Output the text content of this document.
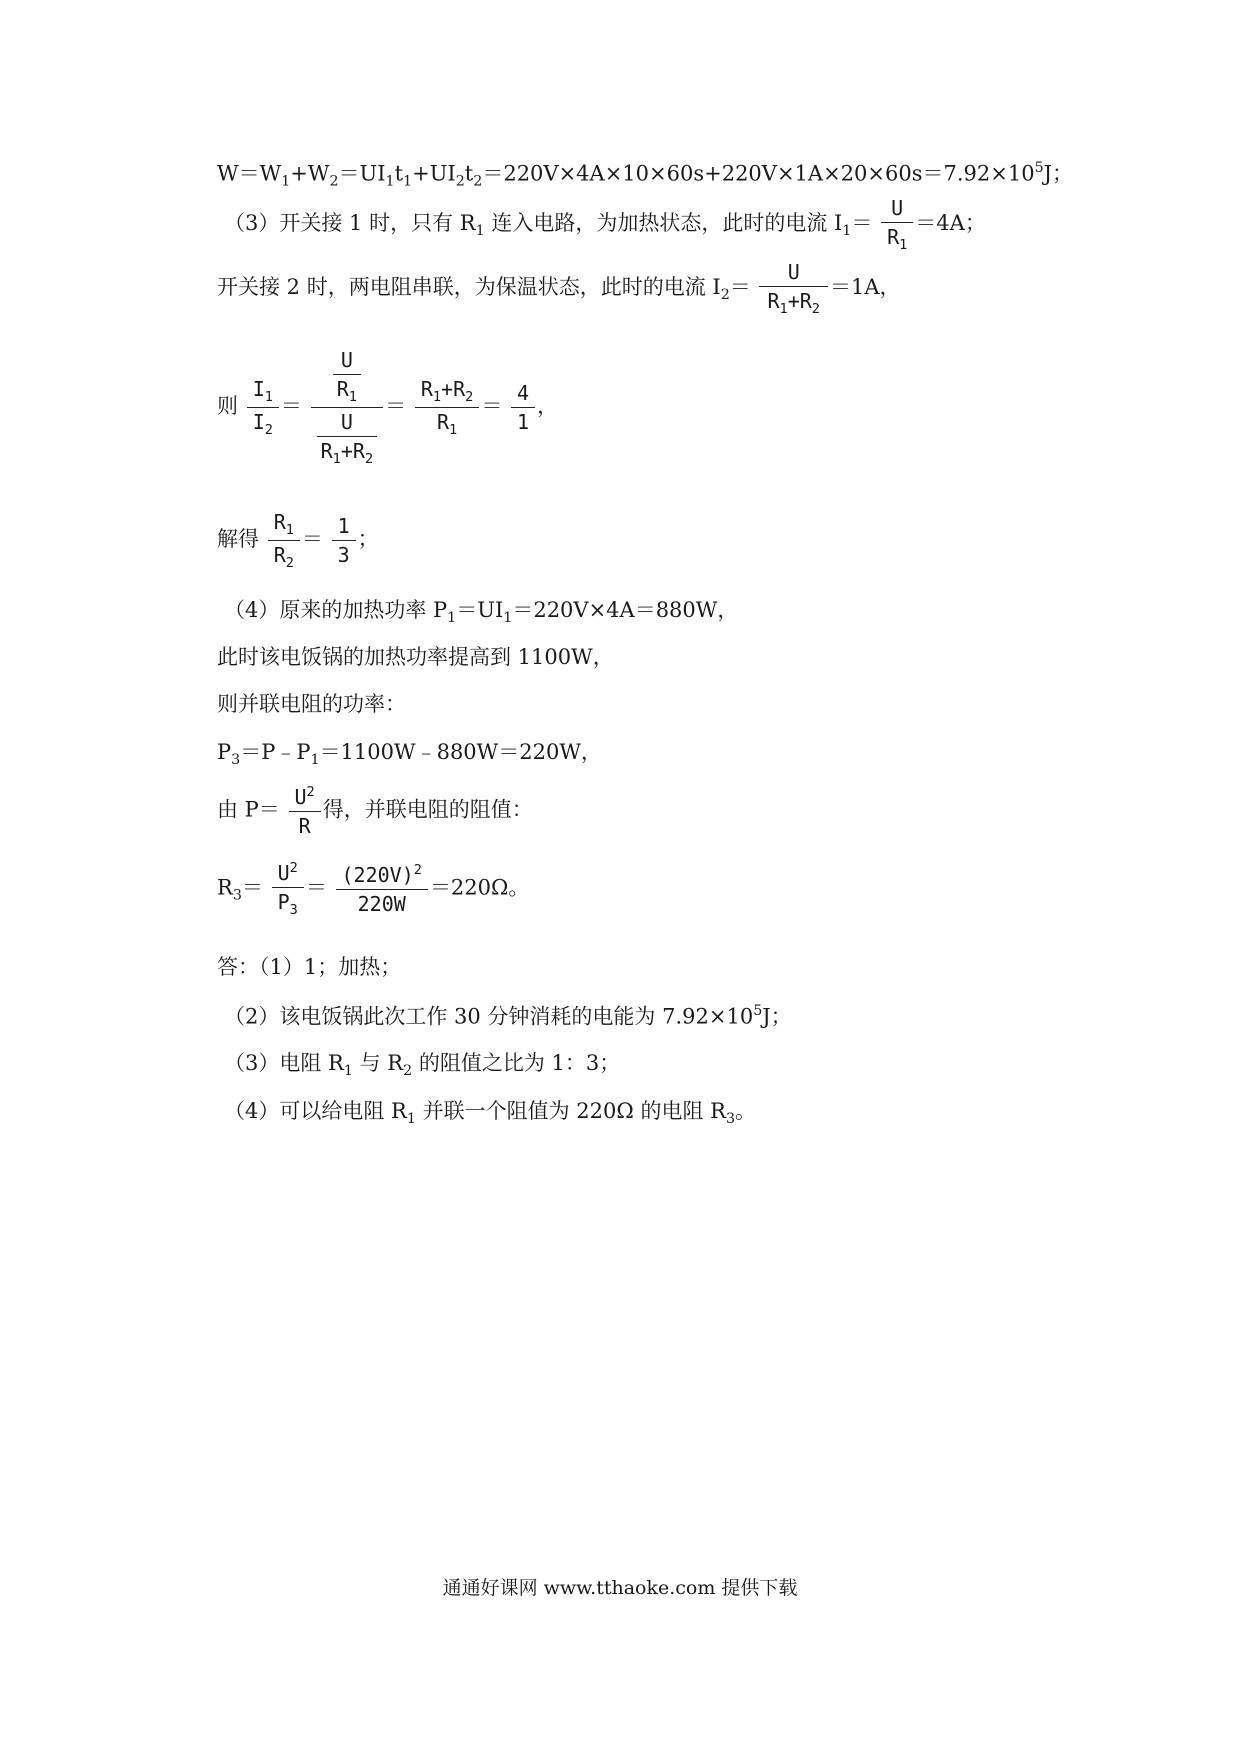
$W=W_1+W_2=UI_1t_1+UI_2t_2=220V\times 4A\times 10\times 60s+220V\times 1A\times 20\times 60s=7.92\times 10^5J$；
（3）开关接 1 时，只有 $R_1$ 连入电路，为加热状态，此时的电流 $I_1= \frac{U}{R_1} =4A$；
开关接 2 时，两电阻串联，为保温状态，此时的电流 $I_2= \frac{U}{R_1+R_2} =1A$，
则 $\frac{I_1}{I_2} = \frac{\frac{U}{R_1}}{\frac{U}{R_1+R_2}} = \frac{R_1+R_2}{R_1} = \frac{4}{1}$ ，
解得 $\frac{R_1}{R_2} = \frac{1}{3}$ ；
（4）原来的加热功率 $P_1=UI_1=220V\times 4A=880W$，
此时该电饭锅的加热功率提高到 1100W，
则并联电阻的功率：
$P_3=P﹣P_1=1100W﹣880W=220W$，
由 $P= \frac{U^2}{R}$ 得，并联电阻的阻值：
$R_3= \frac{U^2}{P_3} = \frac{(220V)^2}{220W} =220\Omega$。
答：（1）1；加热；
（2）该电饭锅此次工作 30 分钟消耗的电能为 $7.92\times 10^5J$；
（3）电阻 $R_1$ 与 $R_2$ 的阻值之比为 1：3；
（4）可以给电阻 $R_1$ 并联一个阻值为 220Ω 的电阻 $R_3$。
通通好课网 www.tthaoke.com 提供下载
